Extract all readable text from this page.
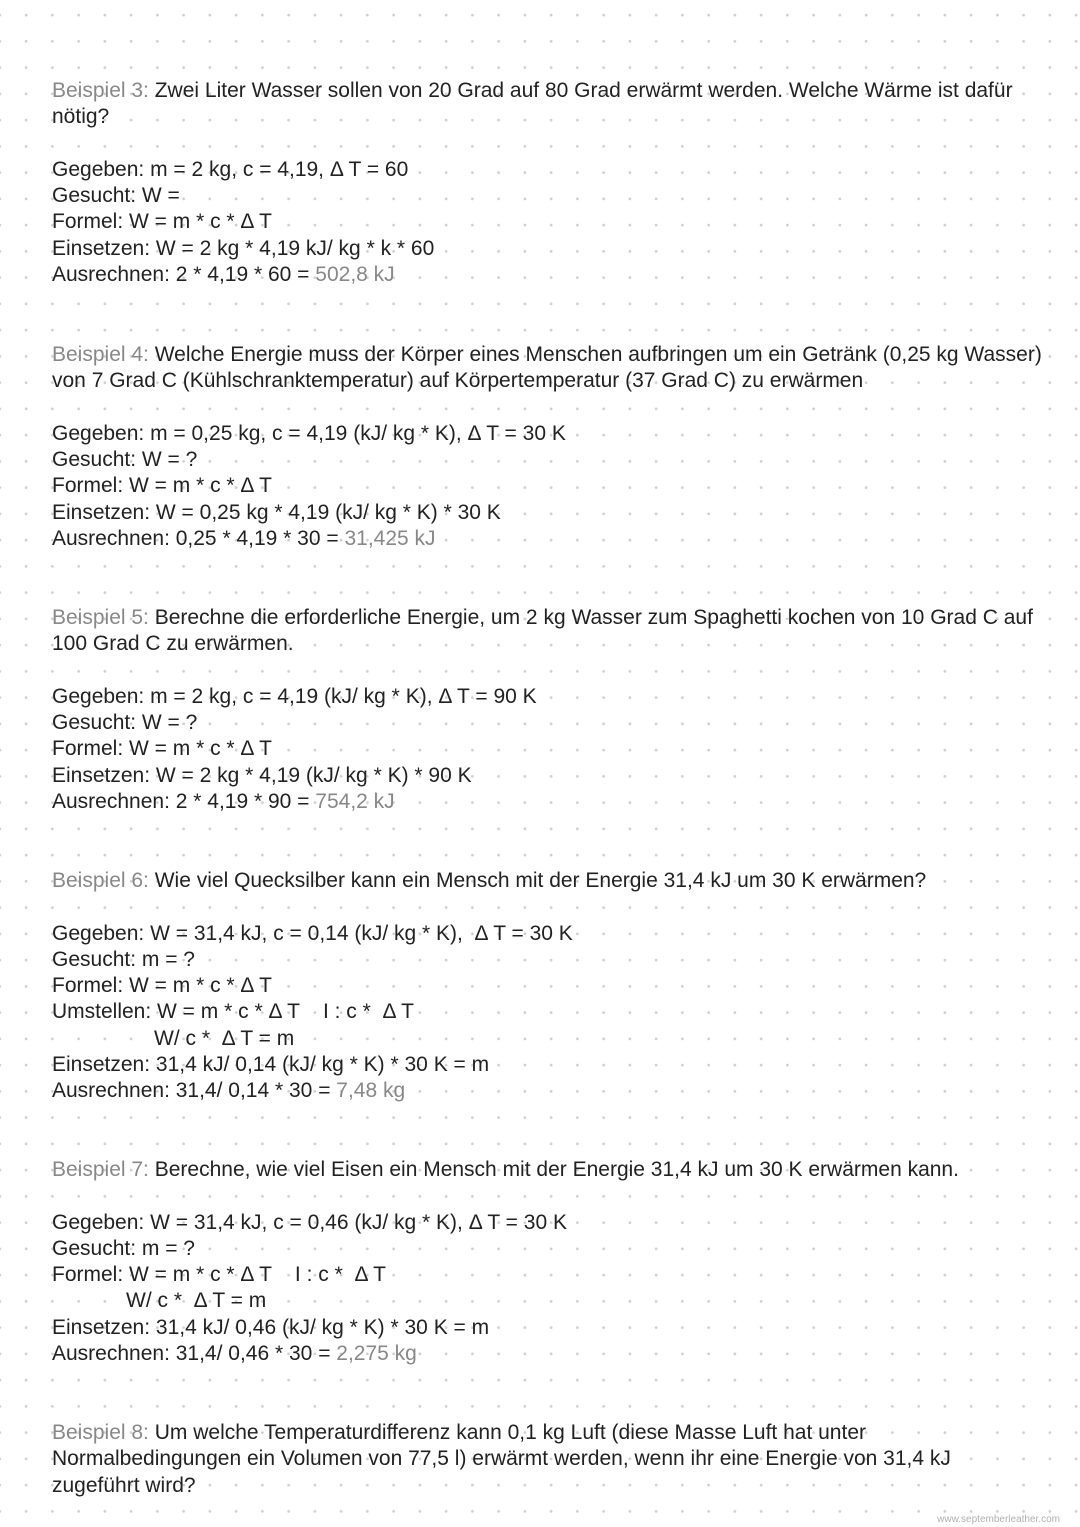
Beispiel 3: Zwei Liter Wasser sollen von 20 Grad auf 80 Grad erwärmt werden. Welche Wärme ist dafür nötig?

Gegeben: m = 2 kg, c = 4,19, Δ T = 60
Gesucht: W =
Formel: W = m * c * Δ T
Einsetzen: W = 2 kg * 4,19 kJ/ kg * k * 60
Ausrechnen: 2 * 4,19 * 60 = 502,8 kJ

Beispiel 4: Welche Energie muss der Körper eines Menschen aufbringen um ein Getränk (0,25 kg Wasser) von 7 Grad C (Kühlschranktemperatur) auf Körpertemperatur (37 Grad C) zu erwärmen

Gegeben: m = 0,25 kg, c = 4,19 (kJ/ kg * K), Δ T = 30 K
Gesucht: W = ?
Formel: W = m * c * Δ T
Einsetzen: W = 0,25 kg * 4,19 (kJ/ kg * K) * 30 K
Ausrechnen: 0,25 * 4,19 * 30 = 31,425 kJ

Beispiel 5: Berechne die erforderliche Energie, um 2 kg Wasser zum Spaghetti kochen von 10 Grad C auf 100 Grad C zu erwärmen.

Gegeben: m = 2 kg, c = 4,19 (kJ/ kg * K), Δ T = 90 K
Gesucht: W = ?
Formel: W = m * c * Δ T
Einsetzen: W = 2 kg * 4,19 (kJ/ kg * K) * 90 K
Ausrechnen: 2 * 4,19 * 90 = 754,2 kJ

Beispiel 6: Wie viel Quecksilber kann ein Mensch mit der Energie 31,4 kJ um 30 K erwärmen?

Gegeben: W = 31,4 kJ, c = 0,14 (kJ/ kg * K),  Δ T = 30 K
Gesucht: m = ?
Formel: W = m * c * Δ T
Umstellen: W = m * c * Δ T    I : c *  Δ T
W/ c *  Δ T = m
Einsetzen: 31,4 kJ/ 0,14 (kJ/ kg * K) * 30 K = m
Ausrechnen: 31,4/ 0,14 * 30 = 7,48 kg

Beispiel 7: Berechne, wie viel Eisen ein Mensch mit der Energie 31,4 kJ um 30 K erwärmen kann.

Gegeben: W = 31,4 kJ, c = 0,46 (kJ/ kg * K), Δ T = 30 K
Gesucht: m = ?
Formel: W = m * c * Δ T    I : c *  Δ T
W/ c *  Δ T = m
Einsetzen: 31,4 kJ/ 0,46 (kJ/ kg * K) * 30 K = m
Ausrechnen: 31,4/ 0,46 * 30 = 2,275 kg

Beispiel 8: Um welche Temperaturdifferenz kann 0,1 kg Luft (diese Masse Luft hat unter Normalbedingungen ein Volumen von 77,5 l) erwärmt werden, wenn ihr eine Energie von 31,4 kJ zugeführt wird?

www.septemberleather.com
